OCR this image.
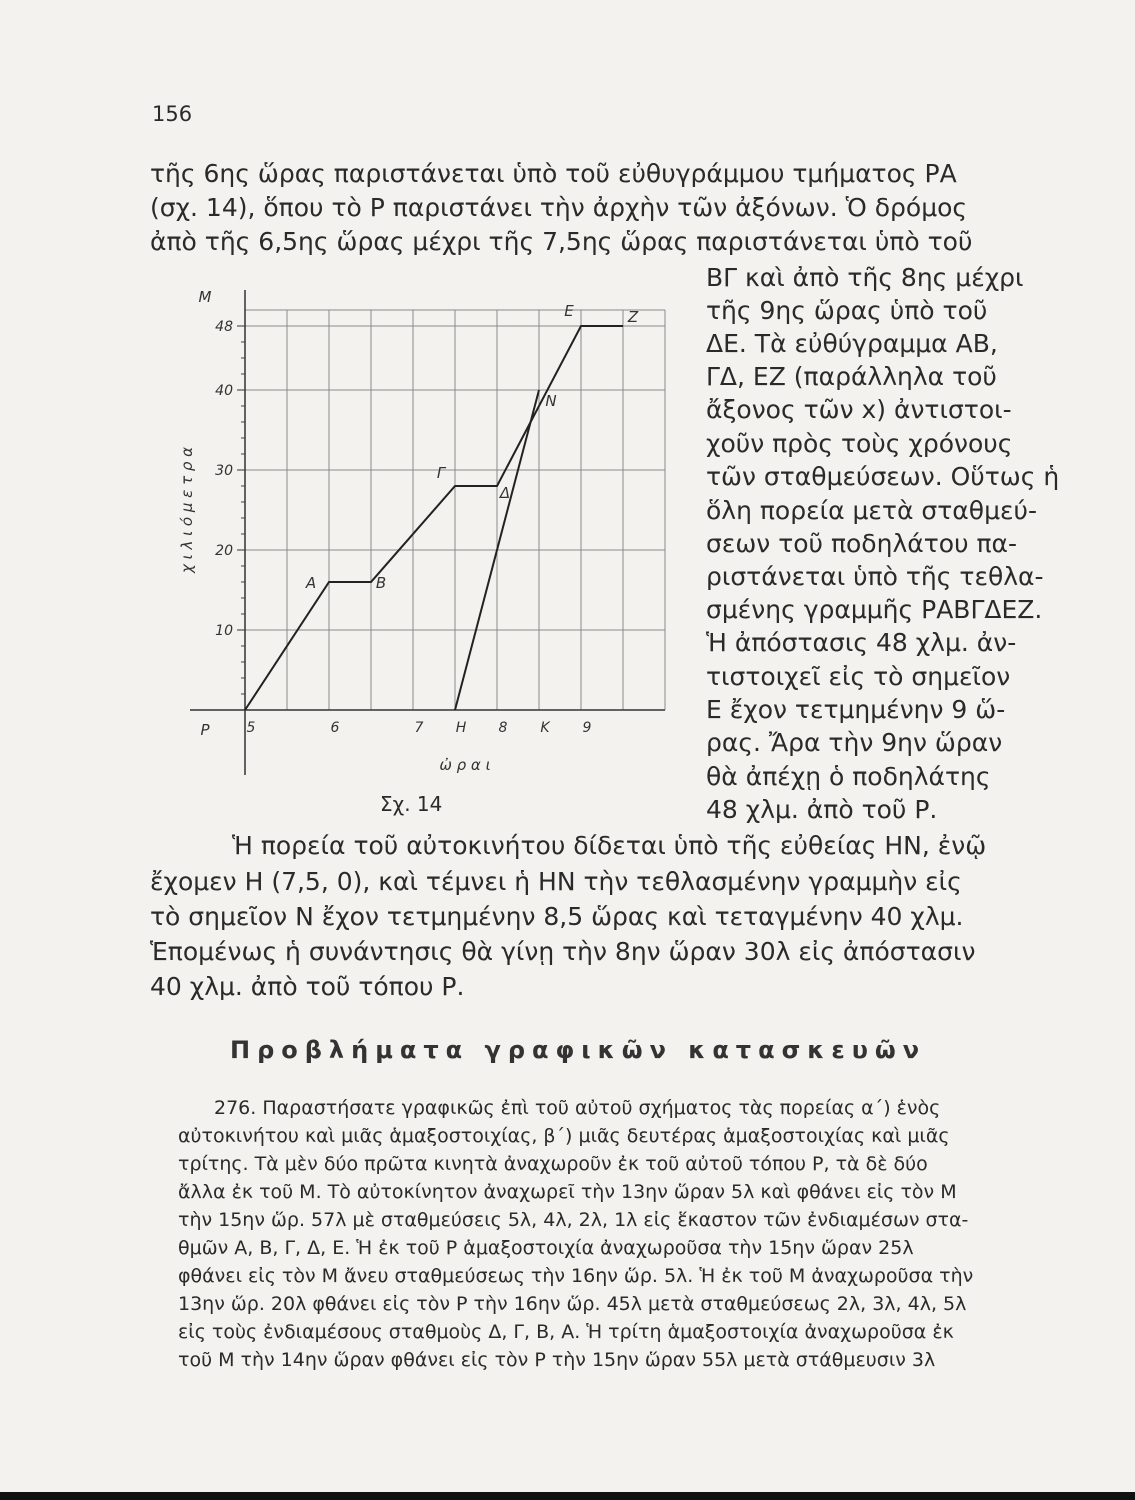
156
τῆς 6ης ὥρας παριστάνεται ὑπὸ τοῦ εὐθυγράμμου τμήματος ΡΑ
(σχ. 14), ὅπου τὸ Ρ παριστάνει τὴν ἀρχὴν τῶν ἀξόνων. Ὁ δρόμος
ἀπὸ τῆς 6,5ης ὥρας μέχρι τῆς 7,5ης ὥρας παριστάνεται ὑπὸ τοῦ
ΒΓ καὶ ἀπὸ τῆς 8ης μέχρι
τῆς 9ης ὥρας ὑπὸ τοῦ
ΔΕ. Τὰ εὐθύγραμμα ΑΒ,
ΓΔ, ΕΖ (παράλληλα τοῦ
ἄξονος τῶν x) ἀντιστοι-
χοῦν πρὸς τοὺς χρόνους
τῶν σταθμεύσεων. Οὕτως ἡ
ὅλη πορεία μετὰ σταθμεύ-
σεων τοῦ ποδηλάτου πα-
ριστάνεται ὑπὸ τῆς τεθλα-
σμένης γραμμῆς ΡΑΒΓΔΕΖ.
Ἡ ἀπόστασις 48 χλμ. ἀν-
τιστοιχεῖ εἰς τὸ σημεῖον
Ε ἔχον τετμημένην 9 ὥ-
ρας. Ἄρα τὴν 9ην ὥραν
θὰ ἀπέχῃ ὁ ποδηλάτης
48 χλμ. ἀπὸ τοῦ Ρ.
10
20
30
40
48
5	6	7	8	9
Η	Κ
Ρ
Μ
χ ι λ ι ό μ ε τ ρ α
ὠ ρ α ι
Α	Β
Γ
Δ
Ε	Ζ
Ν
Σχ. 14
Ἡ πορεία τοῦ αὐτοκινήτου δίδεται ὑπὸ τῆς εὐθείας ΗΝ, ἐνῷ
ἔχομεν Η (7,5, 0), καὶ τέμνει ἡ ΗΝ τὴν τεθλασμένην γραμμὴν εἰς
τὸ σημεῖον Ν ἔχον τετμημένην 8,5 ὥρας καὶ τεταγμένην 40 χλμ.
Ἑπομένως ἡ συνάντησις θὰ γίνῃ τὴν 8ην ὥραν 30λ εἰς ἀπόστασιν
40 χλμ. ἀπὸ τοῦ τόπου Ρ.
Προβλήματα γραφικῶν κατασκευῶν
276. Παραστήσατε γραφικῶς ἐπὶ τοῦ αὐτοῦ σχήματος τὰς πορείας α΄) ἑνὸς
αὐτοκινήτου καὶ μιᾶς ἁμαξοστοιχίας, β΄) μιᾶς δευτέρας ἁμαξοστοιχίας καὶ μιᾶς
τρίτης. Τὰ μὲν δύο πρῶτα κινητὰ ἀναχωροῦν ἐκ τοῦ αὐτοῦ τόπου Ρ, τὰ δὲ δύο
ἄλλα ἐκ τοῦ Μ. Τὸ αὐτοκίνητον ἀναχωρεῖ τὴν 13ην ὥραν 5λ καὶ φθάνει εἰς τὸν Μ
τὴν 15ην ὥρ. 57λ μὲ σταθμεύσεις 5λ, 4λ, 2λ, 1λ εἰς ἕκαστον τῶν ἐνδιαμέσων στα-
θμῶν Α, Β, Γ, Δ, Ε. Ἡ ἐκ τοῦ Ρ ἁμαξοστοιχία ἀναχωροῦσα τὴν 15ην ὥραν 25λ
φθάνει εἰς τὸν Μ ἄνευ σταθμεύσεως τὴν 16ην ὥρ. 5λ. Ἡ ἐκ τοῦ Μ ἀναχωροῦσα τὴν
13ην ὥρ. 20λ φθάνει εἰς τὸν Ρ τὴν 16ην ὥρ. 45λ μετὰ σταθμεύσεως 2λ, 3λ, 4λ, 5λ
εἰς τοὺς ἐνδιαμέσους σταθμοὺς Δ, Γ, Β, Α. Ἡ τρίτη ἁμαξοστοιχία ἀναχωροῦσα ἐκ
τοῦ Μ τὴν 14ην ὥραν φθάνει εἰς τὸν Ρ τὴν 15ην ὥραν 55λ μετὰ στάθμευσιν 3λ
